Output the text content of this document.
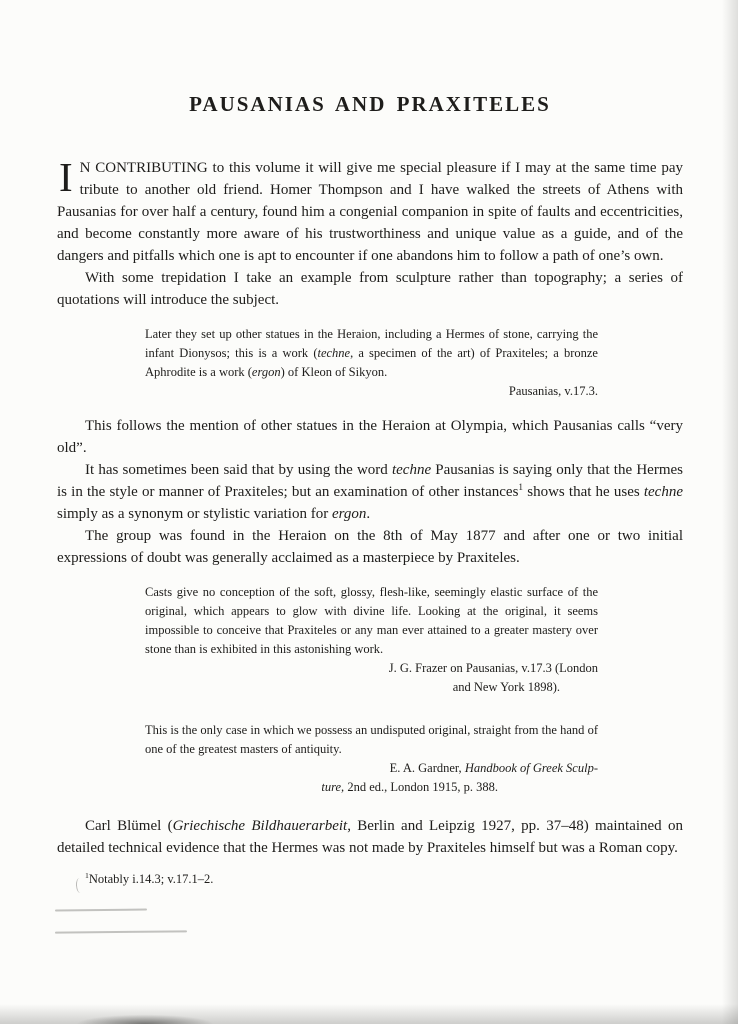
PAUSANIAS AND PRAXITELES

I N CONTRIBUTING to this volume it will give me special pleasure if I may at the same time pay tribute to another old friend. Homer Thompson and I have walked the streets of Athens with Pausanias for over half a century, found him a congenial companion in spite of faults and eccentricities, and become constantly more aware of his trustworthiness and unique value as a guide, and of the dangers and pitfalls which one is apt to encounter if one abandons him to follow a path of one’s own.

With some trepidation I take an example from sculpture rather than topography; a series of quotations will introduce the subject.

Later they set up other statues in the Heraion, including a Hermes of stone, carrying the infant Dionysos; this is a work (techne, a specimen of the art) of Praxiteles; a bronze Aphrodite is a work (ergon) of Kleon of Sikyon.

Pausanias, v.17.3.

This follows the mention of other statues in the Heraion at Olympia, which Pausanias calls “very old”.

It has sometimes been said that by using the word techne Pausanias is saying only that the Hermes is in the style or manner of Praxiteles; but an examination of other instances$^1$ shows that he uses techne simply as a synonym or stylistic variation for ergon.

The group was found in the Heraion on the 8th of May 1877 and after one or two initial expressions of doubt was generally acclaimed as a masterpiece by Praxiteles.

Casts give no conception of the soft, glossy, flesh-like, seemingly elastic surface of the original, which appears to glow with divine life. Looking at the original, it seems impossible to conceive that Praxiteles or any man ever attained to a greater mastery over stone than is exhibited in this astonishing work.

J. G. Frazer on Pausanias, v.17.3 (London
and New York 1898).

This is the only case in which we possess an undisputed original, straight from the hand of one of the greatest masters of antiquity.

E. A. Gardner, Handbook of Greek Sculp-
ture, 2nd ed., London 1915, p. 388.

Carl Blümel (Griechische Bildhauerarbeit, Berlin and Leipzig 1927, pp. 37–48) maintained on detailed technical evidence that the Hermes was not made by Praxiteles himself but was a Roman copy.

$^1$Notably i.14.3; v.17.1–2.
